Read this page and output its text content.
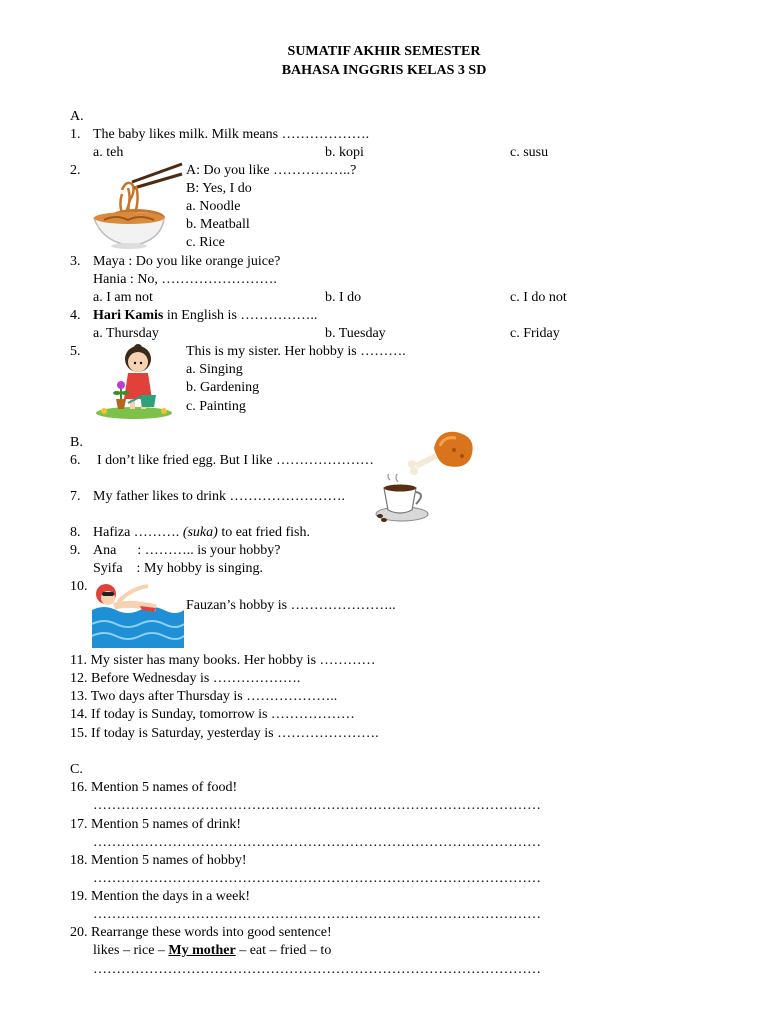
SUMATIF AKHIR SEMESTER
BAHASA INGGRIS KELAS 3 SD
A.
1. The baby likes milk. Milk means ……………….
a. teh	b. kopi	c. susu
2.	A: Do you like ……………..?
B: Yes, I do
a. Noodle
b. Meatball
c. Rice
3. Maya : Do you like orange juice?
Hania : No, …………………….
a. I am not	b. I do	c. I do not
4. Hari Kamis in English is ……………..
a. Thursday	b. Tuesday	c. Friday
5.	This is my sister. Her hobby is ……….
a. Singing
b. Gardening
c. Painting
B.
6. I don’t like fried egg. But I like …………………
7. My father likes to drink …………………….
8. Hafiza ………. (suka) to eat fried fish.
9. Ana      : ……….. is your hobby?
Syifa    : My hobby is singing.
10.
Fauzan’s hobby is …………………..
11. My sister has many books. Her hobby is …………
12. Before Wednesday is ……………….
13. Two days after Thursday is ………………..
14. If today is Sunday, tomorrow is ………………
15. If today is Saturday, yesterday is ………………….
C.
16. Mention 5 names of food!
……………………………………………………………………………………
17. Mention 5 names of drink!
……………………………………………………………………………………
18. Mention 5 names of hobby!
……………………………………………………………………………………
19. Mention the days in a week!
……………………………………………………………………………………
20. Rearrange these words into good sentence!
likes – rice – My mother – eat – fried – to
……………………………………………………………………………………
